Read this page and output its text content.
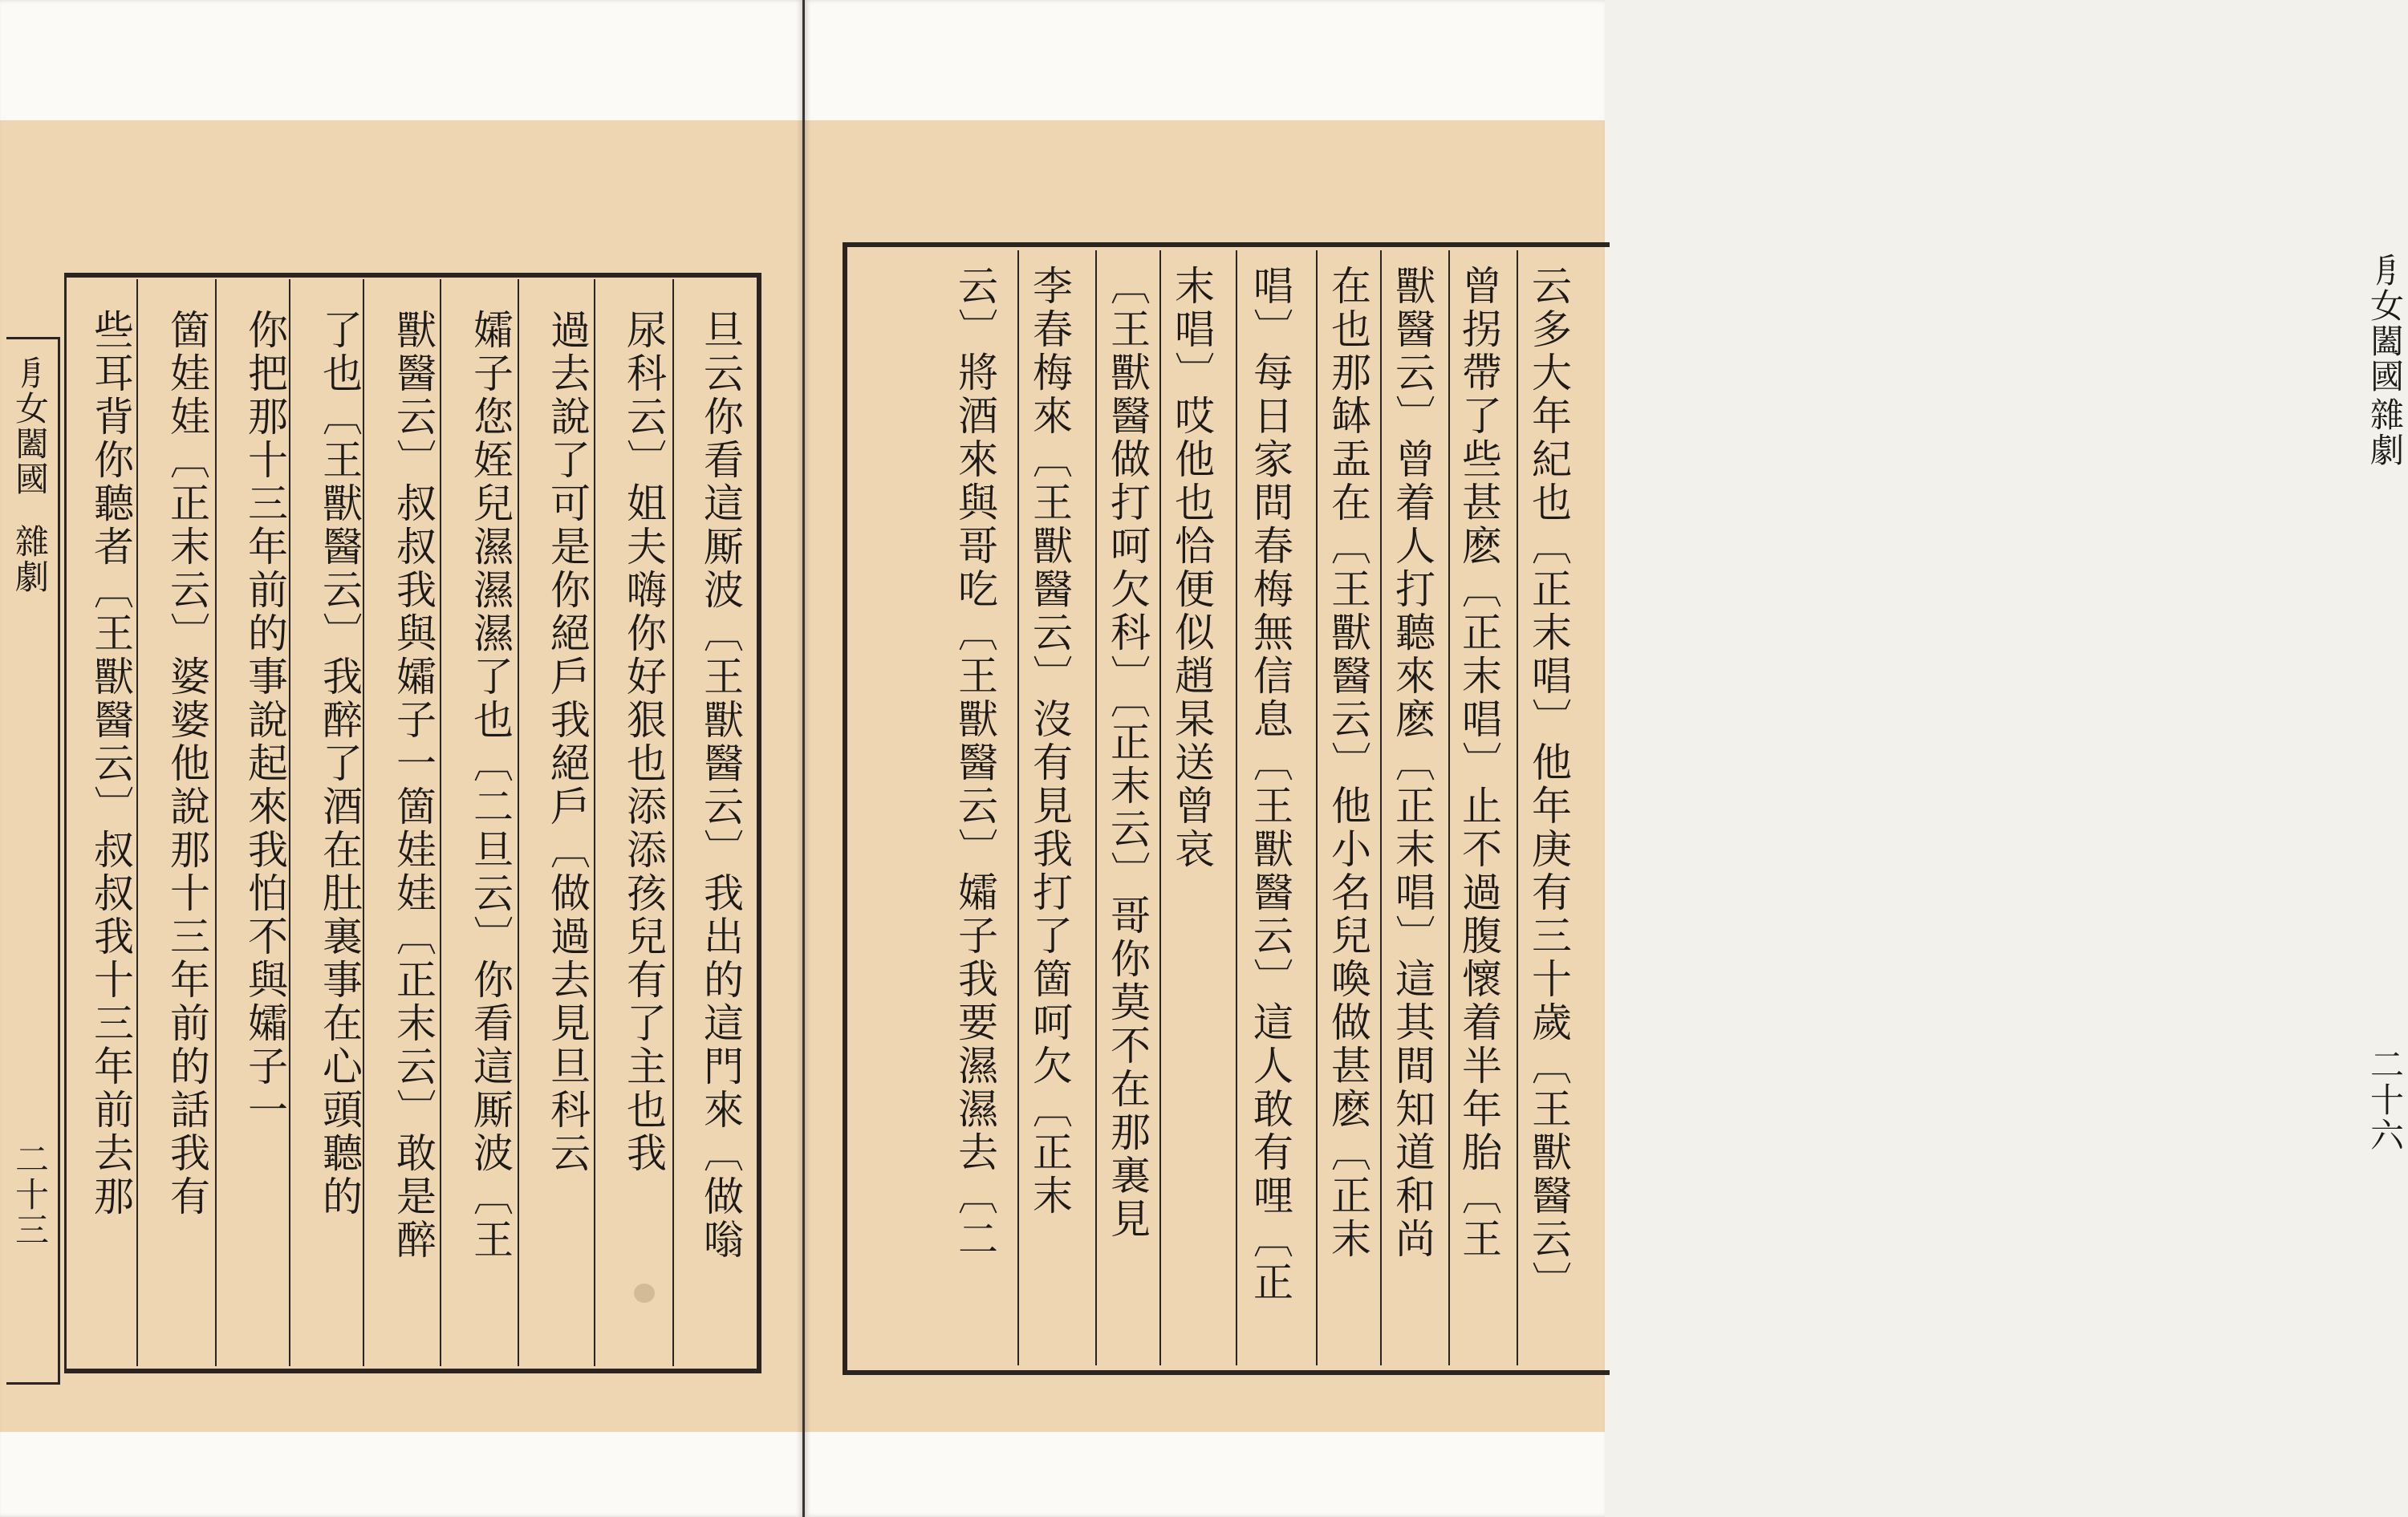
㐆女闔國
雜劇
二十三	旦云你看這厮波〔王獸醫云〕我出的這門來〔做嗡
尿科云〕姐夫嗨你好狠也添添孩兒有了主也我
過去說了可是你絕戶我絕戶〔做過去見旦科云
孀子您姪兒濕濕濕了也〔二旦云〕你看這厮波〔王
獸醫云〕叔叔我與孀子一箇娃娃〔正末云〕敢是醉
了也〔王獸醫云〕我醉了酒在肚裏事在心頭聽的
你把那十三年前的事說起來我怕不與孀子一
箇娃娃〔正末云〕婆婆他說那十三年前的話我有
些耳背你聽者〔王獸醫云〕叔叔我十三年前去那	㐆女闔國
雜劇
二十六
云多大年紀也〔正末唱〕他年庚有三十歲〔王獸醫云〕
曾拐帶了些甚麽〔正末唱〕止不過腹懷着半年胎〔王
獸醫云〕曾着人打聽來麽〔正末唱〕這其間知道和尚
在也那缽盂在〔王獸醫云〕他小名兒喚做甚麽〔正末
唱〕每日家問春梅無信息〔王獸醫云〕這人敢有哩〔正
末唱〕哎他也恰便似趙杲送曾哀
〔王獸醫做打呵欠科〕〔正末云〕哥你莫不在那裏見
李春梅來〔王獸醫云〕沒有見我打了箇呵欠〔正末
云〕將酒來與哥吃〔王獸醫云〕孀子我要濕濕去〔二
